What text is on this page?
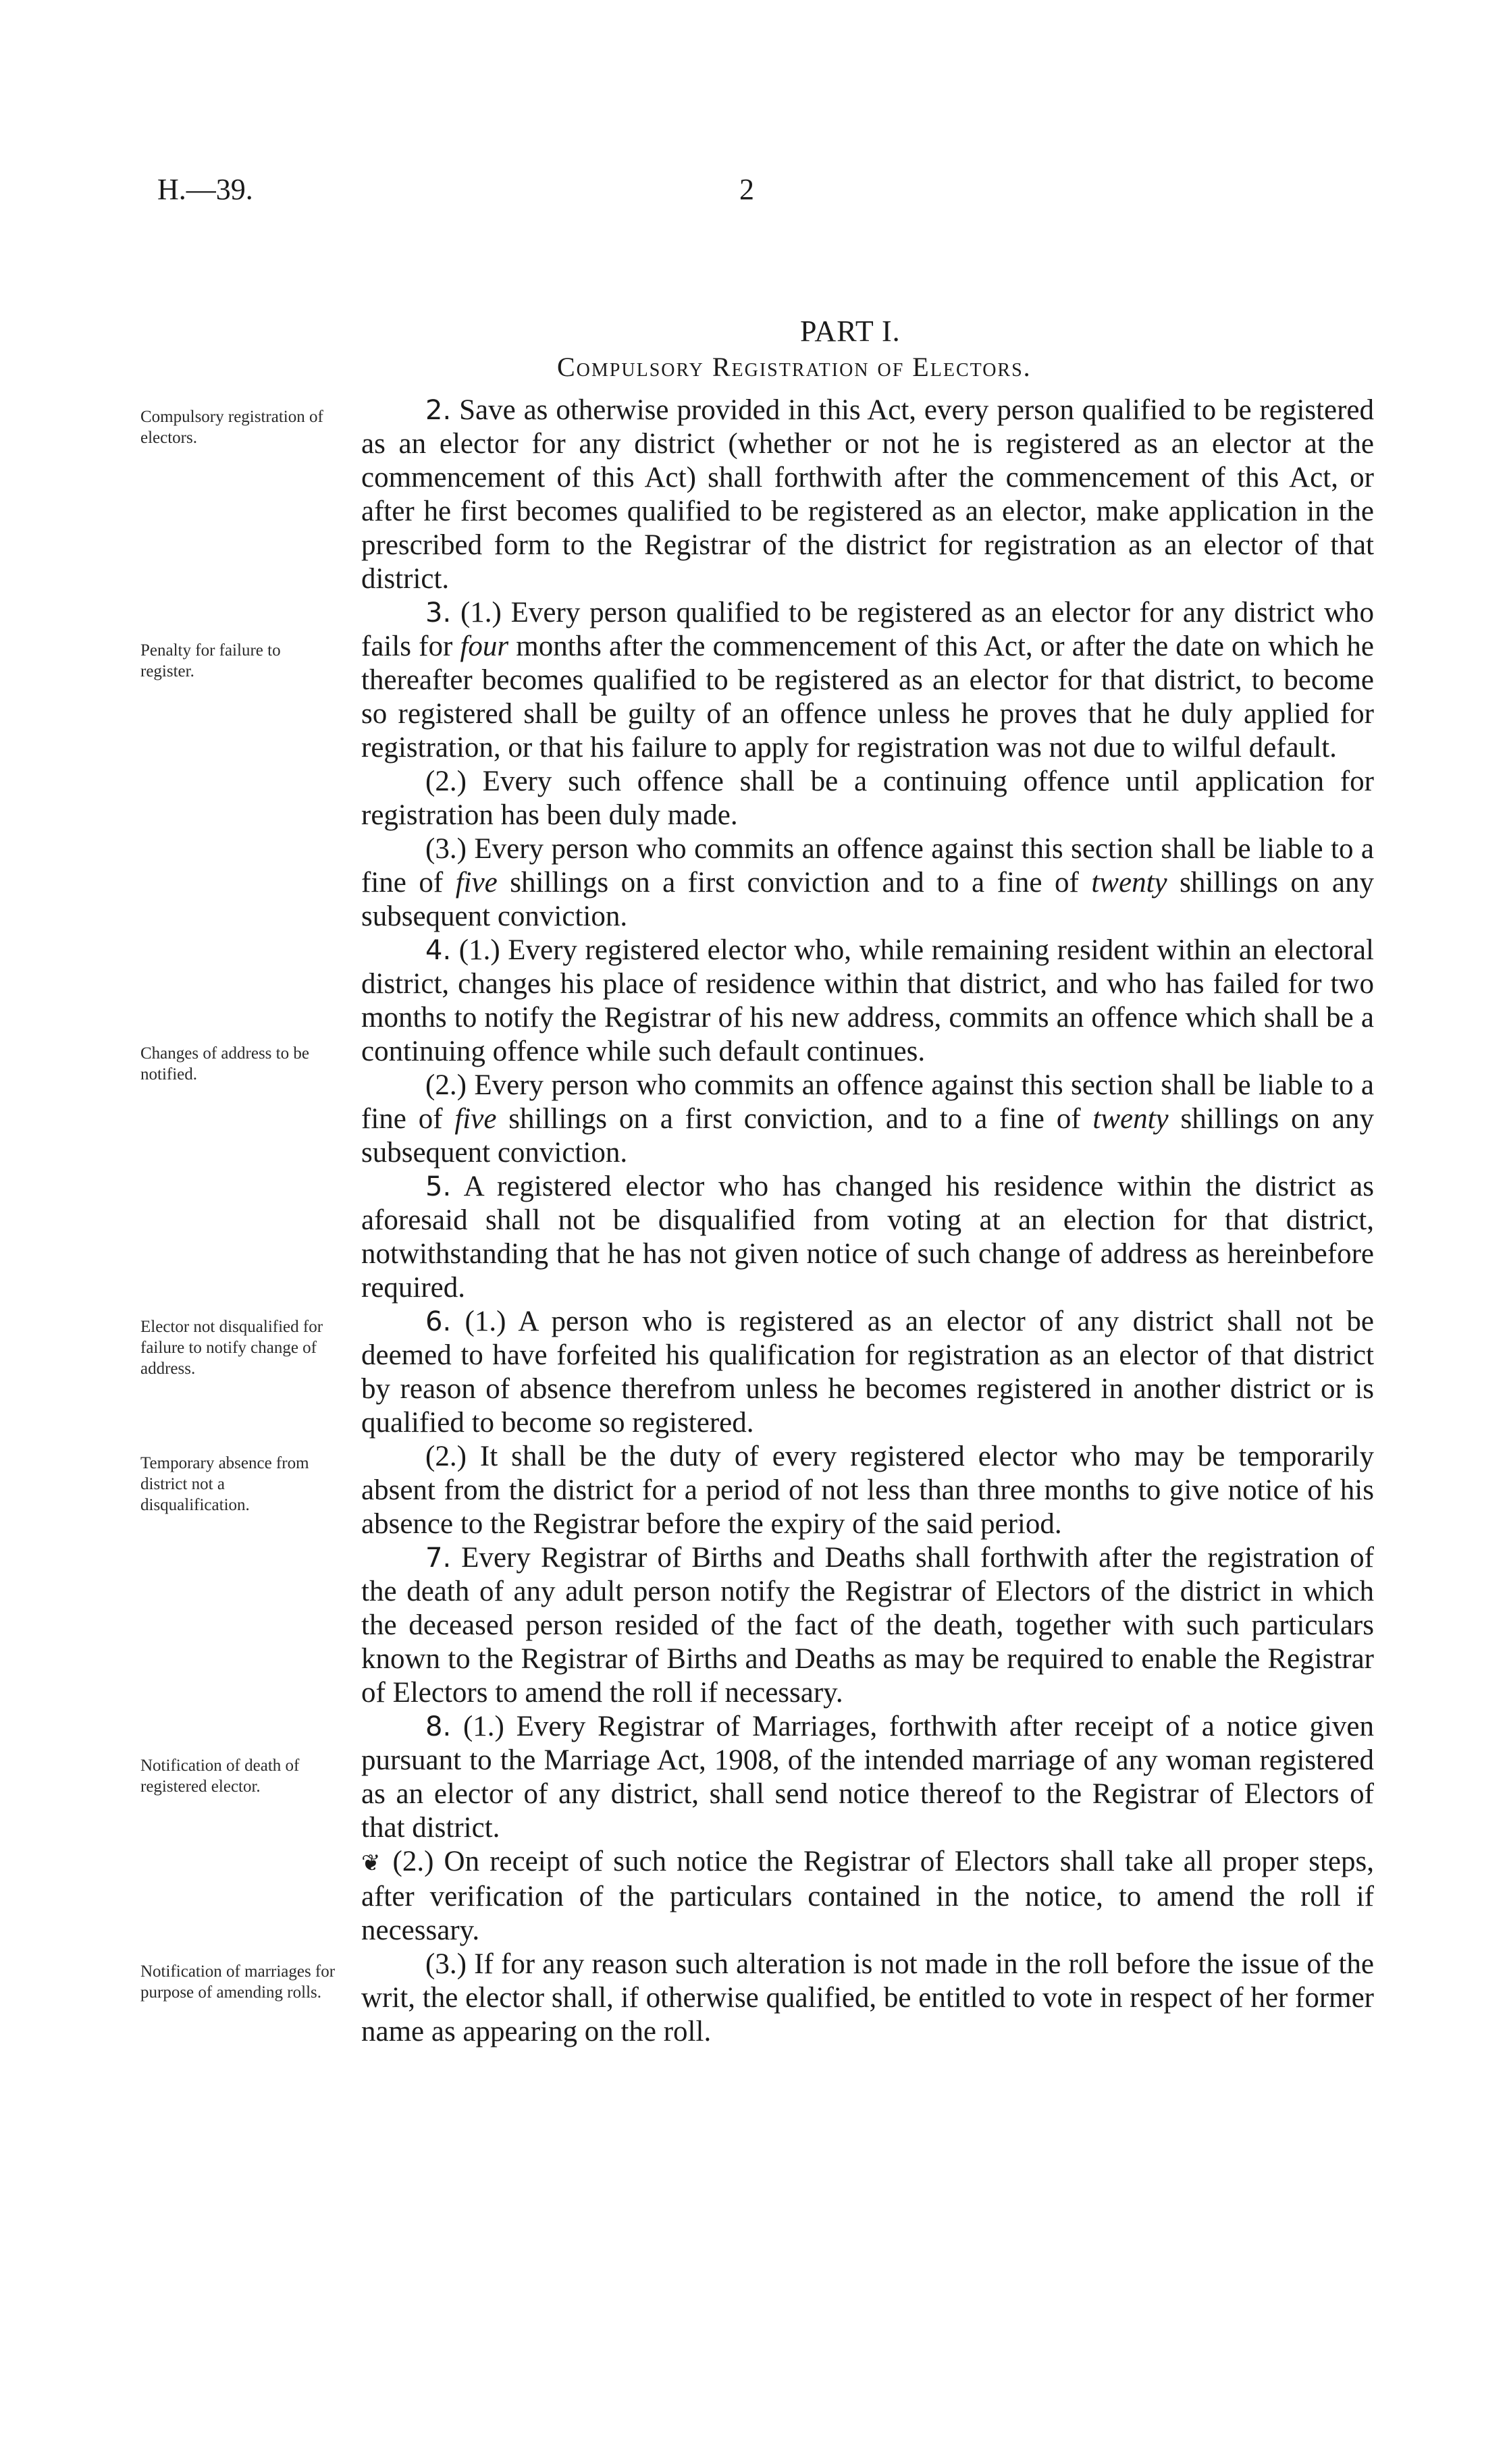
H.—39.	2
PART I.
Compulsory Registration of Electors.
Compulsory registration of electors.
Penalty for failure to register.
Changes of address to be notified.
Elector not disqualified for failure to notify change of address.
Temporary absence from district not a disqualification.
Notification of death of registered elector.
Notification of marriages for purpose of amending rolls.

2. Save as otherwise provided in this Act, every person qualified to be registered as an elector for any district (whether or not he is registered as an elector at the commencement of this Act) shall forthwith after the commencement of this Act, or after he first becomes qualified to be registered as an elector, make application in the prescribed form to the Registrar of the district for registration as an elector of that district.

3. (1.) Every person qualified to be registered as an elector for any district who fails for four months after the commencement of this Act, or after the date on which he thereafter becomes qualified to be registered as an elector for that district, to become so registered shall be guilty of an offence unless he proves that he duly applied for registration, or that his failure to apply for registration was not due to wilful default.

(2.) Every such offence shall be a continuing offence until application for registration has been duly made.

(3.) Every person who commits an offence against this section shall be liable to a fine of five shillings on a first conviction and to a fine of twenty shillings on any subsequent conviction.

4. (1.) Every registered elector who, while remaining resident within an electoral district, changes his place of residence within that district, and who has failed for two months to notify the Registrar of his new address, commits an offence which shall be a continuing offence while such default continues.

(2.) Every person who commits an offence against this section shall be liable to a fine of five shillings on a first conviction, and to a fine of twenty shillings on any subsequent conviction.

5. A registered elector who has changed his residence within the district as aforesaid shall not be disqualified from voting at an election for that district, notwithstanding that he has not given notice of such change of address as hereinbefore required.

6. (1.) A person who is registered as an elector of any district shall not be deemed to have forfeited his qualification for registration as an elector of that district by reason of absence therefrom unless he becomes registered in another district or is qualified to become so registered.

(2.) It shall be the duty of every registered elector who may be temporarily absent from the district for a period of not less than three months to give notice of his absence to the Registrar before the expiry of the said period.

7. Every Registrar of Births and Deaths shall forthwith after the registration of the death of any adult person notify the Registrar of Electors of the district in which the deceased person resided of the fact of the death, together with such particulars known to the Registrar of Births and Deaths as may be required to enable the Registrar of Electors to amend the roll if necessary.

8. (1.) Every Registrar of Marriages, forthwith after receipt of a notice given pursuant to the Marriage Act, 1908, of the intended marriage of any woman registered as an elector of any district, shall send notice thereof to the Registrar of Electors of that district.

❦ (2.) On receipt of such notice the Registrar of Electors shall take all proper steps, after verification of the particulars contained in the notice, to amend the roll if necessary.

(3.) If for any reason such alteration is not made in the roll before the issue of the writ, the elector shall, if otherwise qualified, be entitled to vote in respect of her former name as appearing on the roll.
